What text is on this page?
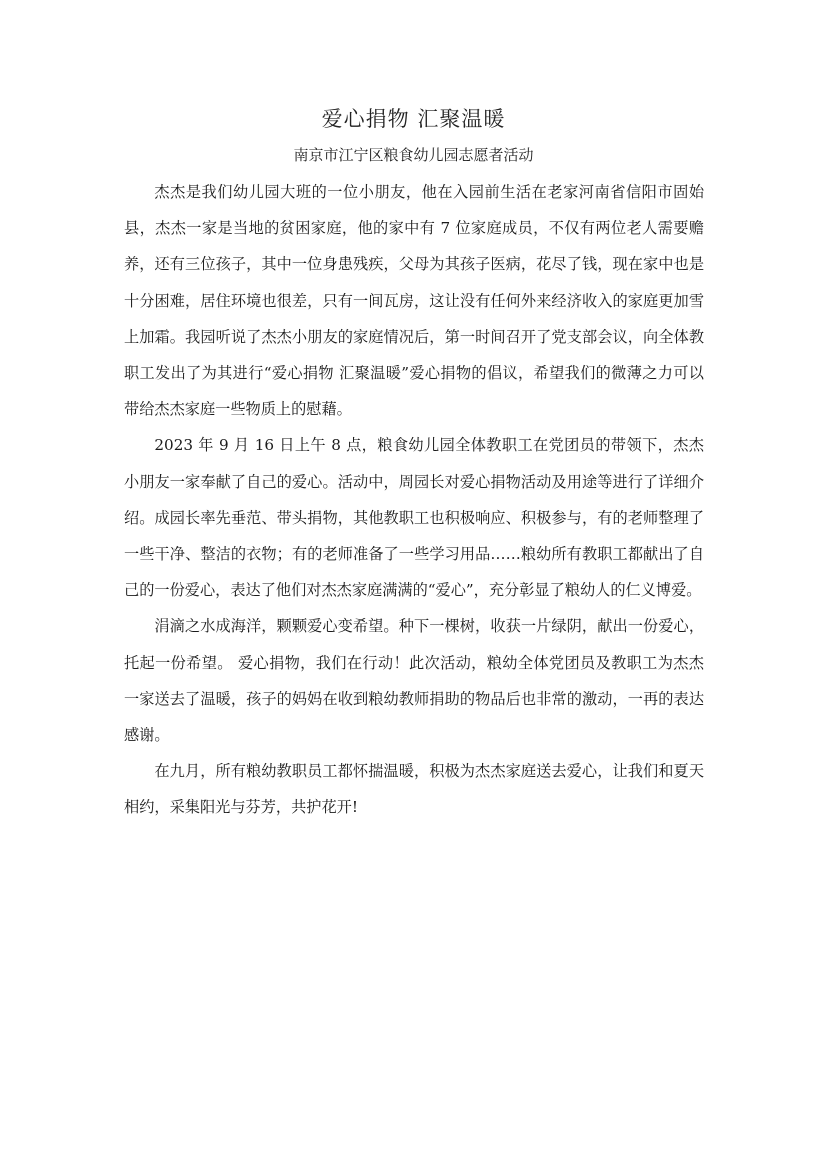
爱心捐物 汇聚温暖

南京市江宁区粮食幼儿园志愿者活动

杰杰是我们幼儿园大班的一位小朋友，他在入园前生活在老家河南省信阳市固始县，杰杰一家是当地的贫困家庭，他的家中有 7 位家庭成员，不仅有两位老人需要赡养，还有三位孩子，其中一位身患残疾，父母为其孩子医病，花尽了钱，现在家中也是十分困难，居住环境也很差，只有一间瓦房，这让没有任何外来经济收入的家庭更加雪上加霜。我园听说了杰杰小朋友的家庭情况后，第一时间召开了党支部会议，向全体教职工发出了为其进行“爱心捐物 汇聚温暖”爱心捐物的倡议，希望我们的微薄之力可以带给杰杰家庭一些物质上的慰藉。

2023 年 9 月 16 日上午 8 点，粮食幼儿园全体教职工在党团员的带领下，杰杰小朋友一家奉献了自己的爱心。活动中，周园长对爱心捐物活动及用途等进行了详细介绍。成园长率先垂范、带头捐物，其他教职工也积极响应、积极参与，有的老师整理了一些干净、整洁的衣物；有的老师准备了一些学习用品……粮幼所有教职工都献出了自己的一份爱心，表达了他们对杰杰家庭满满的“爱心”，充分彰显了粮幼人的仁义博爱。

涓滴之水成海洋，颗颗爱心变希望。种下一棵树，收获一片绿阴，献出一份爱心，托起一份希望。 爱心捐物，我们在行动！此次活动，粮幼全体党团员及教职工为杰杰一家送去了温暖，孩子的妈妈在收到粮幼教师捐助的物品后也非常的激动，一再的表达感谢。

在九月，所有粮幼教职员工都怀揣温暖，积极为杰杰家庭送去爱心，让我们和夏天相约，采集阳光与芬芳，共护花开!
